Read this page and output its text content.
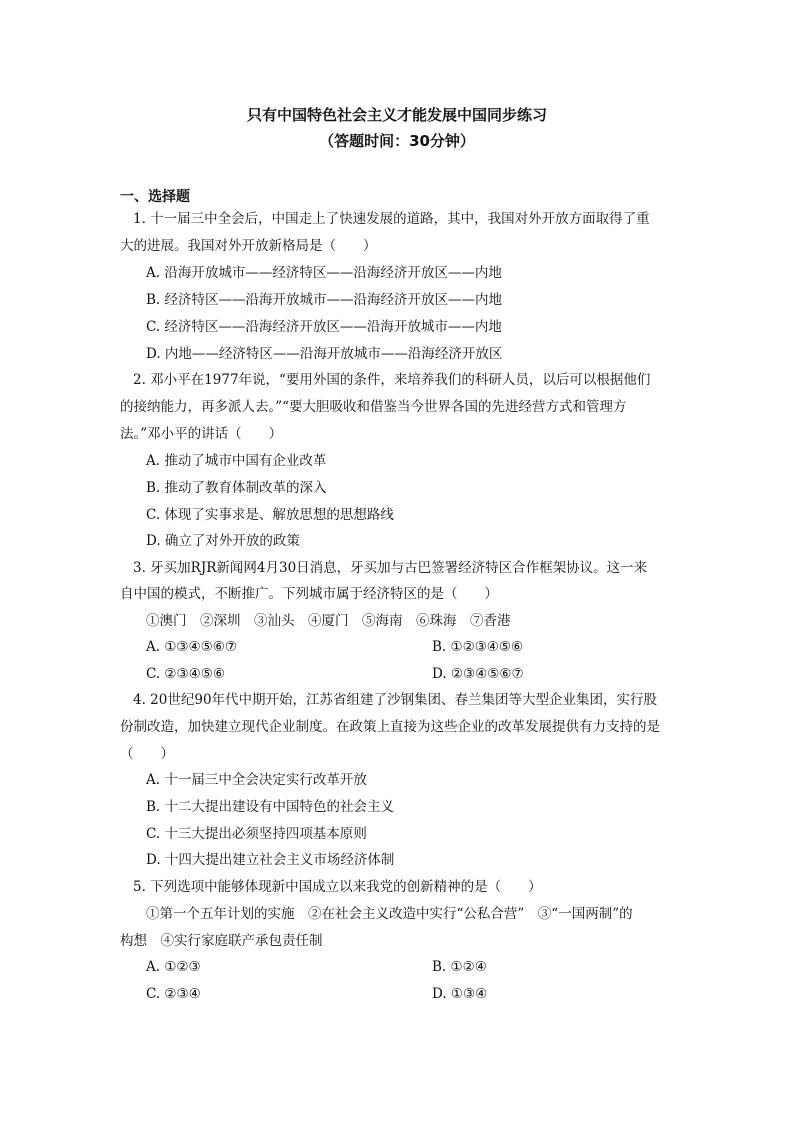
只有中国特色社会主义才能发展中国同步练习
（答题时间：30分钟）
一、选择题
1. 十一届三中全会后，中国走上了快速发展的道路，其中，我国对外开放方面取得了重
大的进展。我国对外开放新格局是（　　）
A. 沿海开放城市——经济特区——沿海经济开放区——内地
B. 经济特区——沿海开放城市——沿海经济开放区——内地
C. 经济特区——沿海经济开放区——沿海开放城市——内地
D. 内地——经济特区——沿海开放城市——沿海经济开放区
2. 邓小平在1977年说，“要用外国的条件，来培养我们的科研人员，以后可以根据他们
的接纳能力，再多派人去。”“要大胆吸收和借鉴当今世界各国的先进经营方式和管理方
法。”邓小平的讲话（　　）
A. 推动了城市中国有企业改革
B. 推动了教育体制改革的深入
C. 体现了实事求是、解放思想的思想路线
D. 确立了对外开放的政策
3. 牙买加RJR新闻网4月30日消息，牙买加与古巴签署经济特区合作框架协议。这一来
自中国的模式，不断推广。下列城市属于经济特区的是（　　）
①澳门　②深圳　③汕头　④厦门　⑤海南　⑥珠海　⑦香港
A. ①③④⑤⑥⑦	B. ①②③④⑤⑥
C. ②③④⑤⑥	D. ②③④⑤⑥⑦
4. 20世纪90年代中期开始，江苏省组建了沙钢集团、春兰集团等大型企业集团，实行股
份制改造，加快建立现代企业制度。在政策上直接为这些企业的改革发展提供有力支持的是
（　　）
A. 十一届三中全会决定实行改革开放
B. 十二大提出建设有中国特色的社会主义
C. 十三大提出必须坚持四项基本原则
D. 十四大提出建立社会主义市场经济体制
5. 下列选项中能够体现新中国成立以来我党的创新精神的是（　　）
①第一个五年计划的实施　②在社会主义改造中实行“公私合营”　③“一国两制”的
构想　④实行家庭联产承包责任制
A. ①②③	B. ①②④
C. ②③④	D. ①③④
